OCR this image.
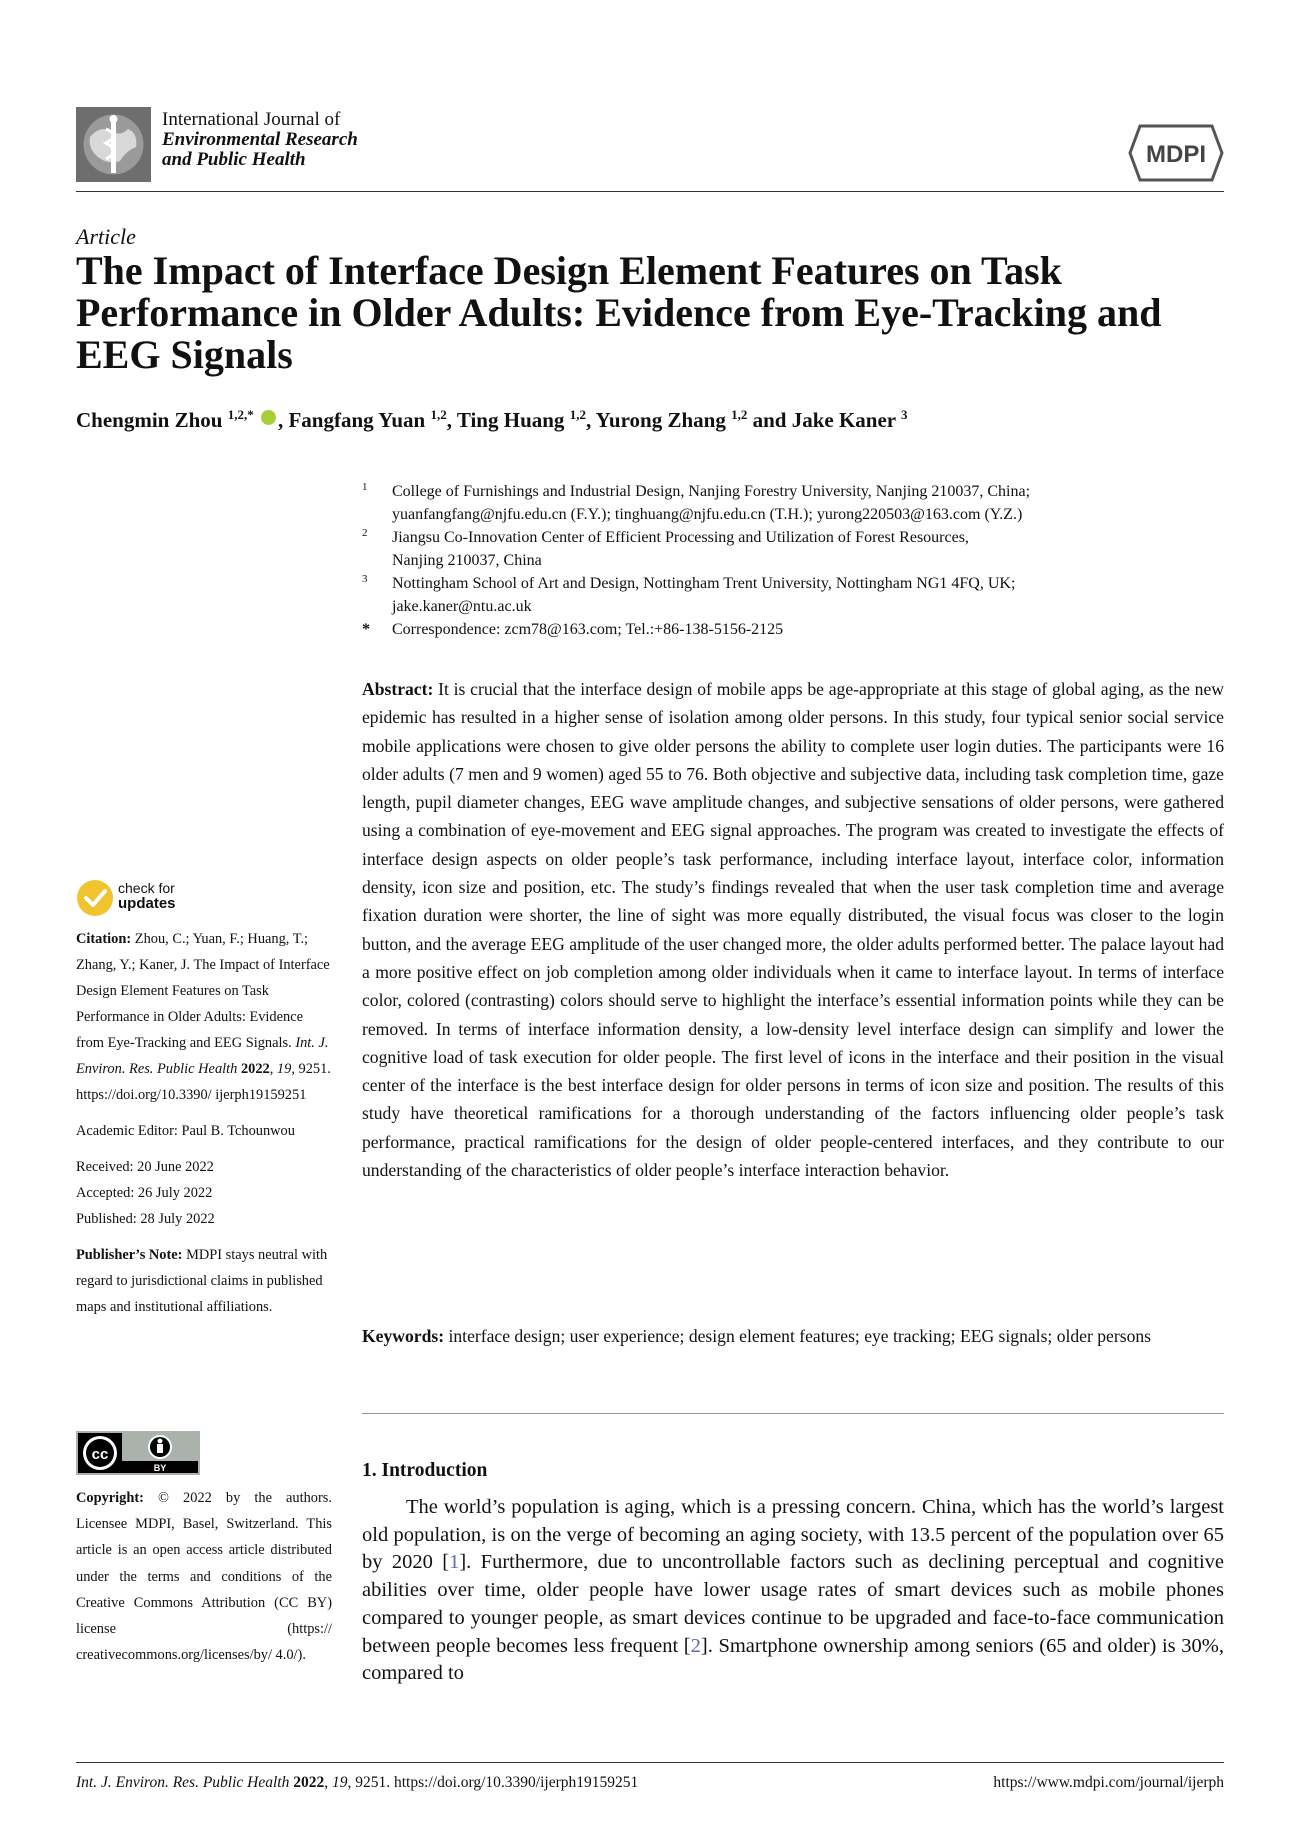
International Journal of
Environmental Research
and Public Health	MDPI
Article
The Impact of Interface Design Element Features on Task Performance in Older Adults: Evidence from Eye-Tracking and EEG Signals
Chengmin Zhou $^{1,2,*}$ , Fangfang Yuan $^{1,2}$, Ting Huang $^{1,2}$, Yurong Zhang $^{1,2}$ and Jake Kaner $^3$
1 College of Furnishings and Industrial Design, Nanjing Forestry University, Nanjing 210037, China;
yuanfangfang@njfu.edu.cn (F.Y.); tinghuang@njfu.edu.cn (T.H.); yurong220503@163.com (Y.Z.)
2 Jiangsu Co-Innovation Center of Efficient Processing and Utilization of Forest Resources,
Nanjing 210037, China
3 Nottingham School of Art and Design, Nottingham Trent University, Nottingham NG1 4FQ, UK;
jake.kaner@ntu.ac.uk
* Correspondence: zcm78@163.com; Tel.:+86-138-5156-2125

Abstract: It is crucial that the interface design of mobile apps be age-appropriate at this stage of global aging, as the new epidemic has resulted in a higher sense of isolation among older persons. In this study, four typical senior social service mobile applications were chosen to give older persons the ability to complete user login duties. The participants were 16 older adults (7 men and 9 women) aged 55 to 76. Both objective and subjective data, including task completion time, gaze length, pupil diameter changes, EEG wave amplitude changes, and subjective sensations of older persons, were gathered using a combination of eye-movement and EEG signal approaches. The program was created to investigate the effects of interface design aspects on older people’s task performance, including interface layout, interface color, information density, icon size and position, etc. The study’s findings revealed that when the user task completion time and average fixation duration were shorter, the line of sight was more equally distributed, the visual focus was closer to the login button, and the average EEG amplitude of the user changed more, the older adults performed better. The palace layout had a more positive effect on job completion among older individuals when it came to interface layout. In terms of interface color, colored (contrasting) colors should serve to highlight the interface’s essential information points while they can be removed. In terms of interface information density, a low-density level interface design can simplify and lower the cognitive load of task execution for older people. The first level of icons in the interface and their position in the visual center of the interface is the best interface design for older persons in terms of icon size and position. The results of this study have theoretical ramifications for a thorough understanding of the factors influencing older people’s task performance, practical ramifications for the design of older people-centered interfaces, and they contribute to our understanding of the characteristics of older people’s interface interaction behavior.

Keywords: interface design; user experience; design element features; eye tracking; EEG signals; older persons

1. Introduction

The world’s population is aging, which is a pressing concern. China, which has the world’s largest old population, is on the verge of becoming an aging society, with 13.5 percent of the population over 65 by 2020 [1]. Furthermore, due to uncontrollable factors such as declining perceptual and cognitive abilities over time, older people have lower usage rates of smart devices such as mobile phones compared to younger people, as smart devices continue to be upgraded and face-to-face communication between people becomes less frequent [2]. Smartphone ownership among seniors (65 and older) is 30%, compared to

check for
updates

Citation: Zhou, C.; Yuan, F.; Huang, T.; Zhang, Y.; Kaner, J. The Impact of Interface Design Element Features on Task Performance in Older Adults: Evidence from Eye-Tracking and EEG Signals. Int. J. Environ. Res. Public Health 2022, 19, 9251. https://doi.org/10.3390/ ijerph19159251

Academic Editor: Paul B. Tchounwou

Received: 20 June 2022

Accepted: 26 July 2022

Published: 28 July 2022

Publisher’s Note: MDPI stays neutral with regard to jurisdictional claims in published maps and institutional affiliations.

cc
BY

Copyright: © 2022 by the authors. Licensee MDPI, Basel, Switzerland. This article is an open access article distributed under the terms and conditions of the Creative Commons Attribution (CC BY) license (https:// creativecommons.org/licenses/by/ 4.0/).

Int. J. Environ. Res. Public Health 2022, 19, 9251. https://doi.org/10.3390/ijerph19159251	https://www.mdpi.com/journal/ijerph
